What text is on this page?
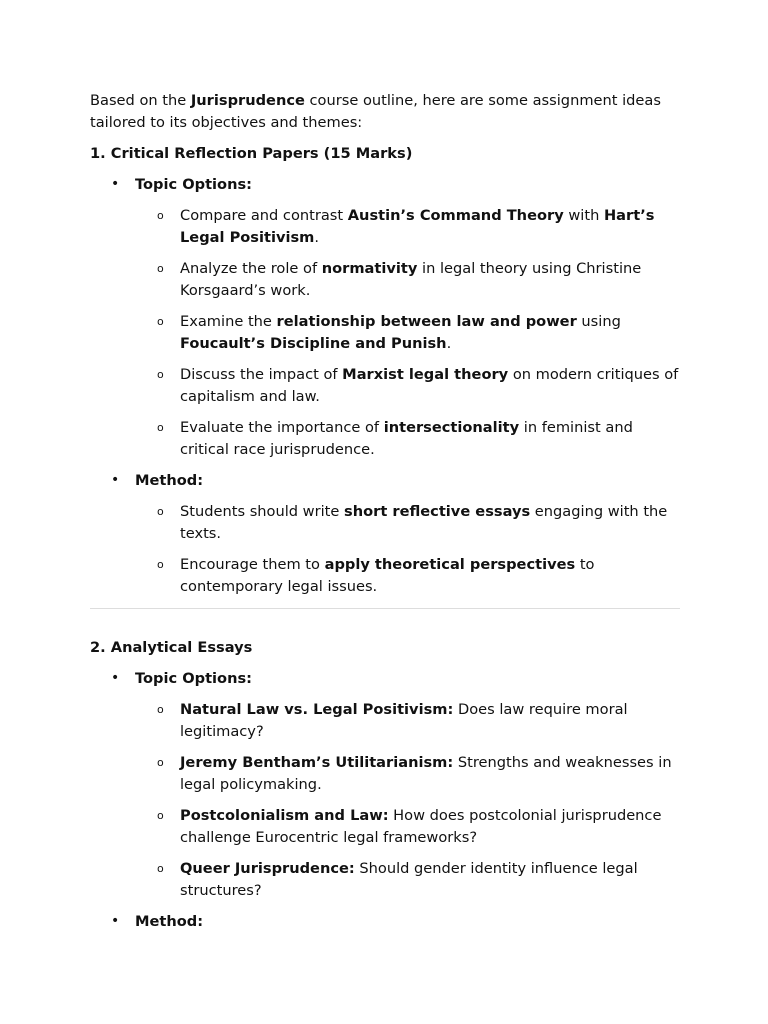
Based on the Jurisprudence course outline, here are some assignment ideas tailored to its objectives and themes:

1. Critical Reflection Papers (15 Marks)

• Topic Options:
o Compare and contrast Austin’s Command Theory with Hart’s Legal Positivism.
o Analyze the role of normativity in legal theory using Christine Korsgaard’s work.
o Examine the relationship between law and power using Foucault’s Discipline and Punish.
o Discuss the impact of Marxist legal theory on modern critiques of capitalism and law.
o Evaluate the importance of intersectionality in feminist and critical race jurisprudence.
• Method:
o Students should write short reflective essays engaging with the texts.
o Encourage them to apply theoretical perspectives to contemporary legal issues.

2. Analytical Essays

• Topic Options:
o Natural Law vs. Legal Positivism: Does law require moral legitimacy?
o Jeremy Bentham’s Utilitarianism: Strengths and weaknesses in legal policymaking.
o Postcolonialism and Law: How does postcolonial jurisprudence challenge Eurocentric legal frameworks?
o Queer Jurisprudence: Should gender identity influence legal structures?
• Method:
